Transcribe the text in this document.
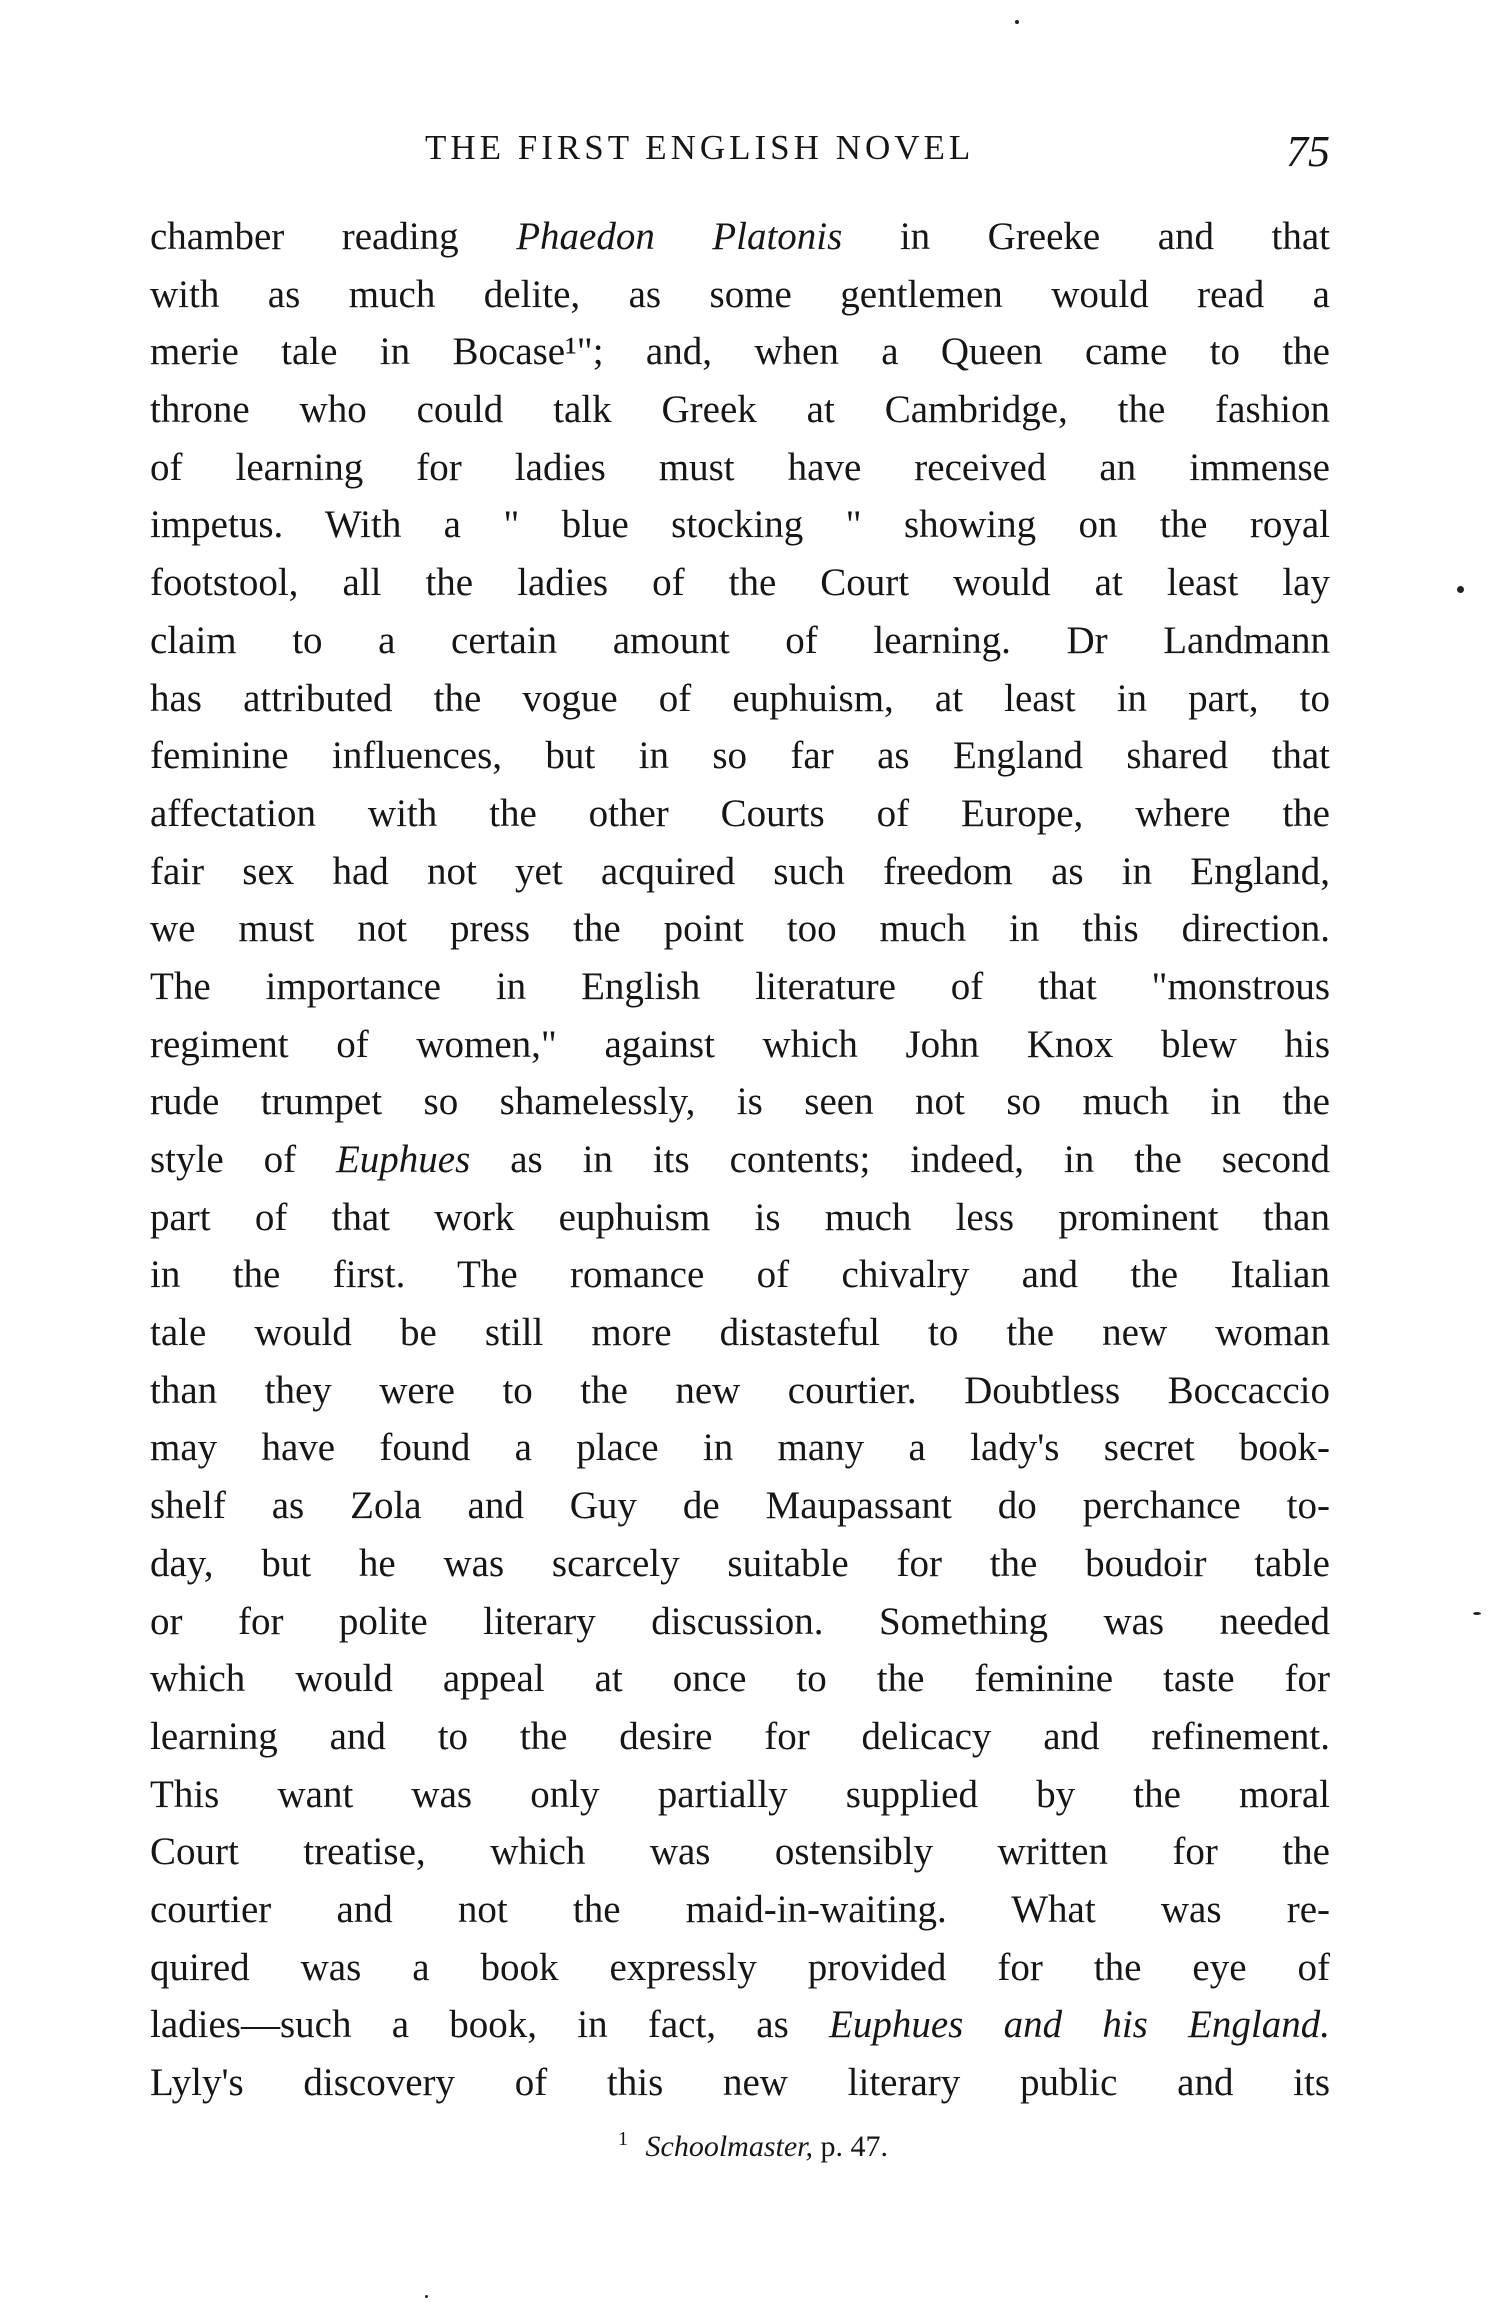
THE FIRST ENGLISH NOVEL	75
chamber reading Phaedon Platonis in Greeke and that
with as much delite, as some gentlemen would read a
merie tale in Bocase¹"; and, when a Queen came to the
throne who could talk Greek at Cambridge, the fashion
of learning for ladies must have received an immense
impetus. With a " blue stocking " showing on the royal
footstool, all the ladies of the Court would at least lay
claim to a certain amount of learning. Dr Landmann
has attributed the vogue of euphuism, at least in part, to
feminine influences, but in so far as England shared that
affectation with the other Courts of Europe, where the
fair sex had not yet acquired such freedom as in England,
we must not press the point too much in this direction.
The importance in English literature of that "monstrous
regiment of women," against which John Knox blew his
rude trumpet so shamelessly, is seen not so much in the
style of Euphues as in its contents; indeed, in the second
part of that work euphuism is much less prominent than
in the first. The romance of chivalry and the Italian
tale would be still more distasteful to the new woman
than they were to the new courtier. Doubtless Boccaccio
may have found a place in many a lady's secret book-
shelf as Zola and Guy de Maupassant do perchance to-
day, but he was scarcely suitable for the boudoir table
or for polite literary discussion. Something was needed
which would appeal at once to the feminine taste for
learning and to the desire for delicacy and refinement.
This want was only partially supplied by the moral
Court treatise, which was ostensibly written for the
courtier and not the maid-in-waiting. What was re-
quired was a book expressly provided for the eye of
ladies—such a book, in fact, as Euphues and his England.
Lyly's discovery of this new literary public and its
$^1$ Schoolmaster, p. 47.
